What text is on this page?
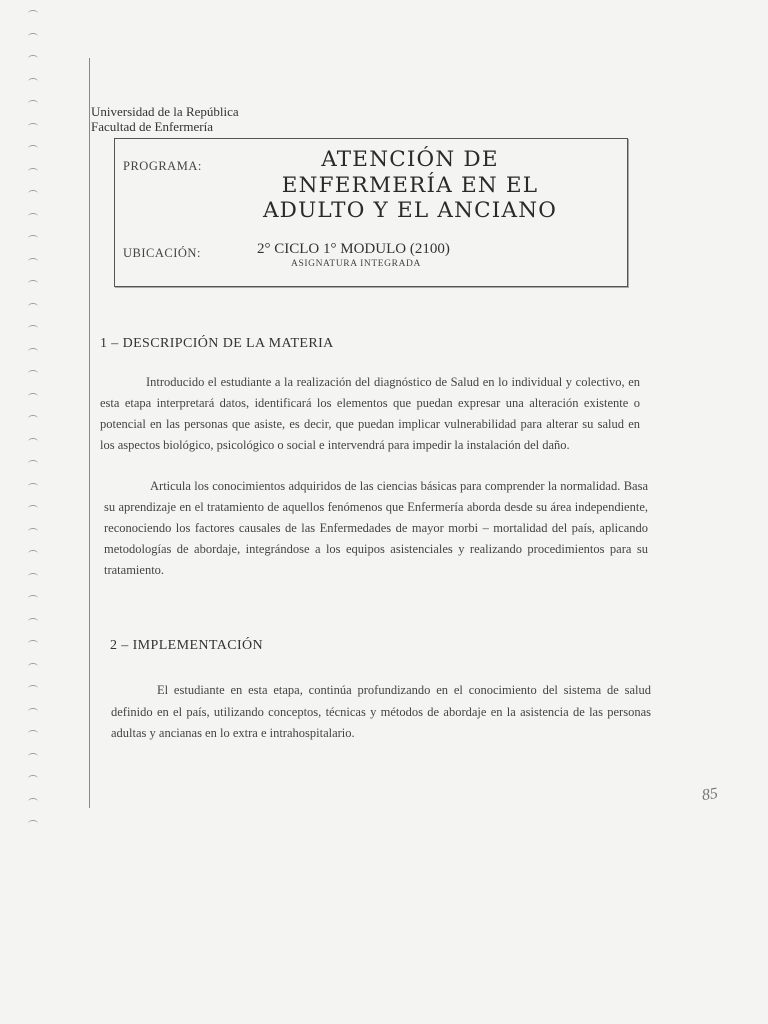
Universidad de la República
Facultad de Enfermería
PROGRAMA:	ATENCIÓN DE
ENFERMERÍA EN EL
ADULTO Y EL ANCIANO
UBICACIÓN:	2° CICLO 1° MODULO (2100)
ASIGNATURA INTEGRADA
1 – DESCRIPCIÓN DE LA MATERIA
Introducido el estudiante a la realización del diagnóstico de Salud en lo individual y colectivo, en esta etapa interpretará datos, identificará los elementos que puedan expresar una alteración existente o potencial en las personas que asiste, es decir, que puedan implicar vulnerabilidad para alterar su salud en los aspectos biológico, psicológico o social e intervendrá para impedir la instalación del daño.
Articula los conocimientos adquiridos de las ciencias básicas para comprender la normalidad. Basa su aprendizaje en el tratamiento de aquellos fenómenos que Enfermería aborda desde su área independiente, reconociendo los factores causales de las Enfermedades de mayor morbi – mortalidad del país, aplicando metodologías de abordaje, integrándose a los equipos asistenciales y realizando procedimientos para su tratamiento.
2 – IMPLEMENTACIÓN
El estudiante en esta etapa, continúa profundizando en el conocimiento del sistema de salud definido en el país, utilizando conceptos, técnicas y métodos de abordaje en la asistencia de las personas adultas y ancianas en lo extra e intrahospitalario.
85
